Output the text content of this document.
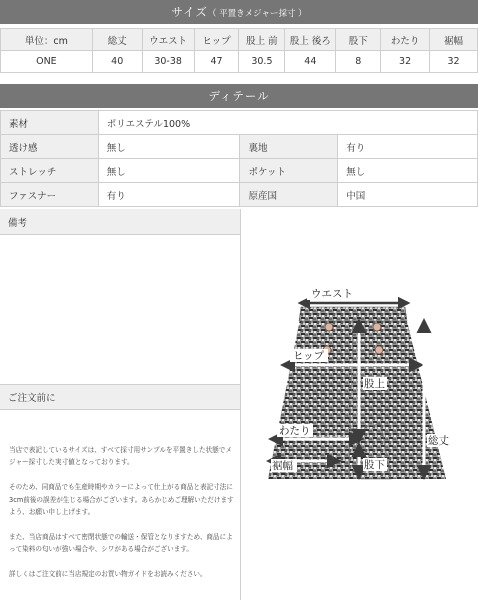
サイズ（ 平置きメジャー採寸 ）
単位：cm	総丈	ウエスト	ヒップ	股上 前	股上 後ろ	股下	わたり	裾幅
ONE	40	30-38	47	30.5	44	8	32	32
ディテール
素材	ポリエステル100%		
透け感	無し	裏地	有り
ストレッチ	無し	ポケット	無し
ファスナー	有り	原産国	中国
備考
ご注文前に

当店で表記しているサイズは、すべて採寸用サンプルを平置きした状態でメジャー採寸した実寸値となっております。

そのため、同商品でも生産時期やカラーによって仕上がる商品と表記寸法に3cm前後の誤差が生じる場合がございます。あらかじめご理解いただけますよう、お願い申し上げます。

また、当店商品はすべて密閉状態での輸送・保管となりますため、商品によって染料の匂いが強い場合や、シワがある場合がございます。

詳しくはご注文前に当店規定のお買い物ガイドをお読みください。

ウエスト
ヒップ
股上
わたり
総丈
裾幅	股下
